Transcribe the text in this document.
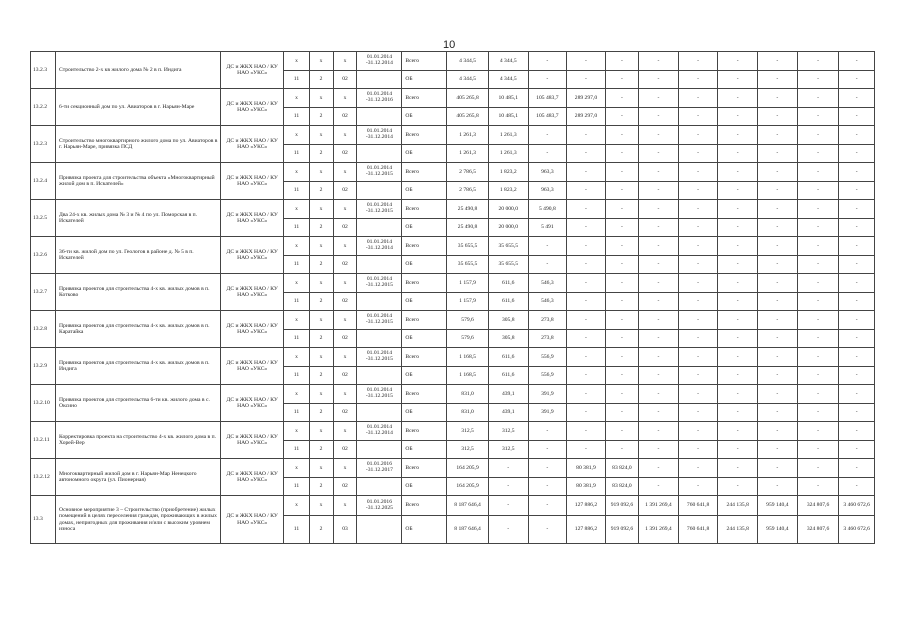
10
13.2.3	Строительство 2-х кв жилого дома № 2 в п. Индига	ДС и ЖКХ НАО / КУ НАО «УКС»	x	x	x	01.01.2014 -31.12.2014	Всего	4 344,5	4 344,5	-	-	-	-	-	-	-	-	-
			11	2	02		ОБ	4 344,5	4 344,5	-	-	-	-	-	-	-	-	-
13.2.2	6-ти секционный дом по ул. Авиаторов в г. Нарьян-Маре	ДС и ЖКХ НАО / КУ НАО «УКС»	x	x	x	01.01.2014 -31.12.2016	Всего	405 265,8	10 485,1	105 483,7	289 297,0	-	-	-	-	-	-	-
			11	2	02		ОБ	405 265,8	10 485,1	105 483,7	289 297,0	-	-	-	-	-	-	-
13.2.3	Строительство многоквартирного жилого дома по ул. Авиаторов в г. Нарьян-Маре, привязка ПСД	ДС и ЖКХ НАО / КУ НАО «УКС»	x	x	x	01.01.2014 -31.12.2014	Всего	1 261,3	1 261,3	-	-	-	-	-	-	-	-	-
			11	2	02		ОБ	1 261,3	1 261,3	-	-	-	-	-	-	-	-	-
13.2.4	Привязка проекта для строительства объекта «Многоквартирный жилой дом в п. Искателей»	ДС и ЖКХ НАО / КУ НАО «УКС»	x	x	x	01.01.2014 -31.12.2015	Всего	2 786,5	1 823,2	963,3	-	-	-	-	-	-	-	-
			11	2	02		ОБ	2 786,5	1 823,2	963,3	-	-	-	-	-	-	-	-
13.2.5	Два 24-х кв. жилых дома № 3 и № 4 по ул. Поморская в п. Искателей	ДС и ЖКХ НАО / КУ НАО «УКС»	x	x	x	01.01.2014 -31.12.2015	Всего	25 490,8	20 000,0	5 490,8	-	-	-	-	-	-	-	-
			11	2	02		ОБ	25 490,8	20 000,0	5 491	-	-	-	-	-	-	-	-
13.2.6	36-ти кв. жилой дом по ул. Геологов в районе д. № 5 в п. Искателей	ДС и ЖКХ НАО / КУ НАО «УКС»	x	x	x	01.01.2014 -31.12.2014	Всего	35 655,5	35 655,5	-	-	-	-	-	-	-	-	-
			11	2	02		ОБ	35 655,5	35 655,5	-	-	-	-	-	-	-	-	-
13.2.7	Привязка проектов для строительства 4-х кв. жилых домов в п. Котково	ДС и ЖКХ НАО / КУ НАО «УКС»	x	x	x	01.01.2014 -31.12.2015	Всего	1 157,9	611,6	546,3	-	-	-	-	-	-	-	-
			11	2	02		ОБ	1 157,9	611,6	546,3	-	-	-	-	-	-	-	-
13.2.8	Привязка проектов для строительства 4-х кв. жилых домов в п. Каратайка	ДС и ЖКХ НАО / КУ НАО «УКС»	x	x	x	01.01.2014 -31.12.2015	Всего	579,6	305,8	273,8	-	-	-	-	-	-	-	-
			11	2	02		ОБ	579,6	305,8	273,8	-	-	-	-	-	-	-	-
13.2.9	Привязка проектов для строительства 4-х кв. жилых домов в п. Индига	ДС и ЖКХ НАО / КУ НАО «УКС»	x	x	x	01.01.2014 -31.12.2015	Всего	1 168,5	611,6	556,9	-	-	-	-	-	-	-	-
			11	2	02		ОБ	1 168,5	611,6	556,9	-	-	-	-	-	-	-	-
13.2.10	Привязка проектов для строительства 6-ти кв. жилого дома в с. Оксино	ДС и ЖКХ НАО / КУ НАО «УКС»	x	x	x	01.01.2014 -31.12.2015	Всего	831,0	439,1	391,9	-	-	-	-	-	-	-	-
			11	2	02		ОБ	831,0	439,1	391,9	-	-	-	-	-	-	-	-
13.2.11	Корректировка проекта на строительство 4-х кв. жилого дома в п. Хорей-Вер	ДС и ЖКХ НАО / КУ НАО «УКС»	x	x	x	01.01.2014 -31.12.2014	Всего	312,5	312,5	-	-	-	-	-	-	-	-	-
			11	2	02		ОБ	312,5	312,5	-	-	-	-	-	-	-	-	-
13.2.12	Многоквартирный жилой дом в г. Нарьян-Мар Ненецкого автономного округа (ул. Пионерная)	ДС и ЖКХ НАО / КУ НАО «УКС»	x	x	x	01.01.2016 -31.12.2017	Всего	164 205,9	-	-	80 381,9	83 824,0	-	-	-	-	-	-
			11	2	02		ОБ	164 205,9	-	-	80 381,9	83 824,0	-	-	-	-	-	-
13.3	Основное мероприятие 3 – Строительство (приобретение) жилых помещений в целях переселения граждан, проживающих в жилых домах, непригодных для проживания и/или с высоким уровнем износа	ДС и ЖКХ НАО / КУ НАО «УКС»	x	x	x	01.01.2016 -31.12.2025	Всего	8 187 646,4	-	-	127 886,2	919 092,6	1 391 269,4	760 641,8	244 135,8	959 140,4	324 807,6	3 460 672,6
			11	2	03		ОБ	8 187 646,4	-	-	127 886,2	919 092,6	1 391 269,4	760 641,8	244 135,8	959 140,4	324 807,6	3 460 672,6
